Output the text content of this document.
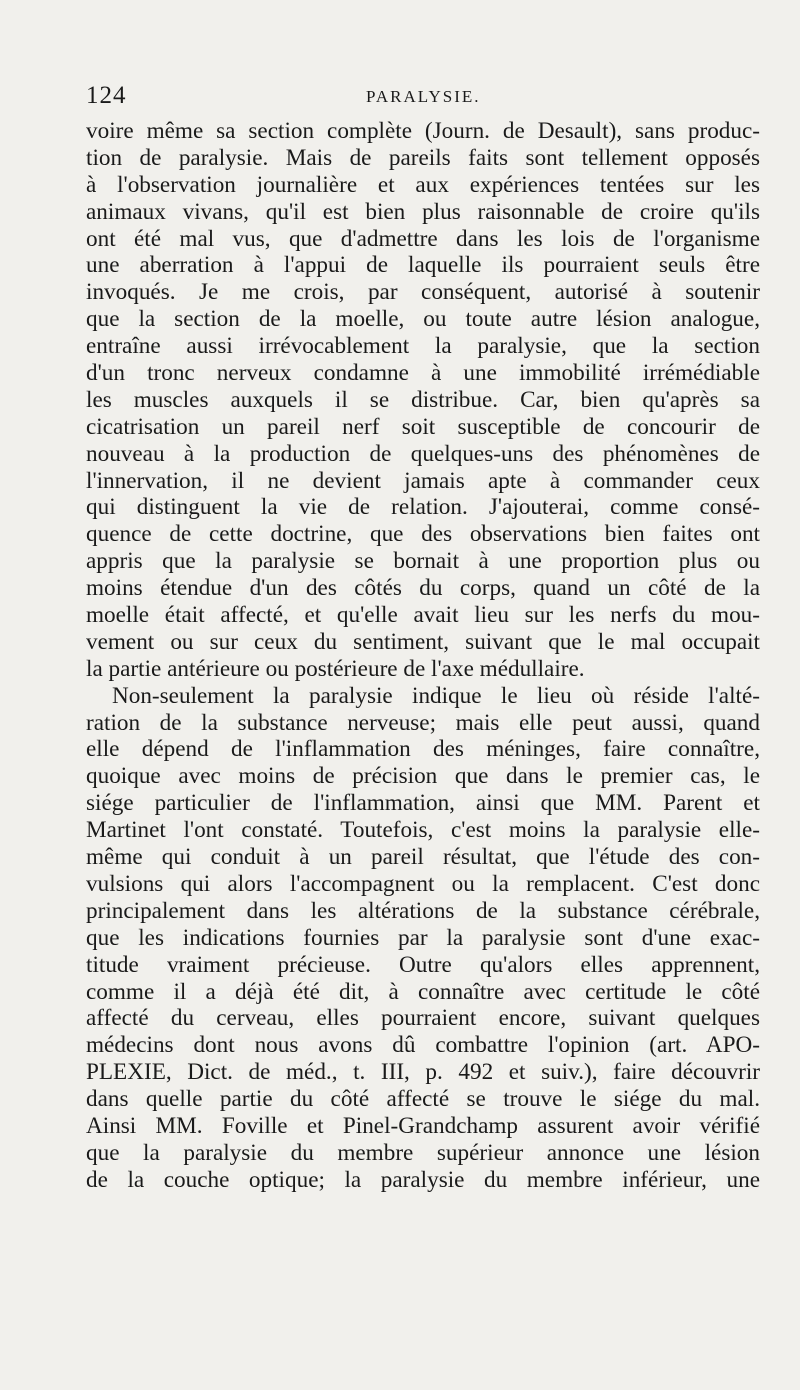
124	PARALYSIE.
voire même sa section complète (Journ. de Desault), sans produc-
tion de paralysie. Mais de pareils faits sont tellement opposés
à l'observation journalière et aux expériences tentées sur les
animaux vivans, qu'il est bien plus raisonnable de croire qu'ils
ont été mal vus, que d'admettre dans les lois de l'organisme
une aberration à l'appui de laquelle ils pourraient seuls être
invoqués. Je me crois, par conséquent, autorisé à soutenir
que la section de la moelle, ou toute autre lésion analogue,
entraîne aussi irrévocablement la paralysie, que la section
d'un tronc nerveux condamne à une immobilité irrémédiable
les muscles auxquels il se distribue. Car, bien qu'après sa
cicatrisation un pareil nerf soit susceptible de concourir de
nouveau à la production de quelques-uns des phénomènes de
l'innervation, il ne devient jamais apte à commander ceux
qui distinguent la vie de relation. J'ajouterai, comme consé-
quence de cette doctrine, que des observations bien faites ont
appris que la paralysie se bornait à une proportion plus ou
moins étendue d'un des côtés du corps, quand un côté de la
moelle était affecté, et qu'elle avait lieu sur les nerfs du mou-
vement ou sur ceux du sentiment, suivant que le mal occupait
la partie antérieure ou postérieure de l'axe médullaire.
Non-seulement la paralysie indique le lieu où réside l'alté-
ration de la substance nerveuse; mais elle peut aussi, quand
elle dépend de l'inflammation des méninges, faire connaître,
quoique avec moins de précision que dans le premier cas, le
siége particulier de l'inflammation, ainsi que MM. Parent et
Martinet l'ont constaté. Toutefois, c'est moins la paralysie elle-
même qui conduit à un pareil résultat, que l'étude des con-
vulsions qui alors l'accompagnent ou la remplacent. C'est donc
principalement dans les altérations de la substance cérébrale,
que les indications fournies par la paralysie sont d'une exac-
titude vraiment précieuse. Outre qu'alors elles apprennent,
comme il a déjà été dit, à connaître avec certitude le côté
affecté du cerveau, elles pourraient encore, suivant quelques
médecins dont nous avons dû combattre l'opinion (art. APO-
PLEXIE, Dict. de méd., t. III, p. 492 et suiv.), faire découvrir
dans quelle partie du côté affecté se trouve le siége du mal.
Ainsi MM. Foville et Pinel-Grandchamp assurent avoir vérifié
que la paralysie du membre supérieur annonce une lésion
de la couche optique; la paralysie du membre inférieur, une
